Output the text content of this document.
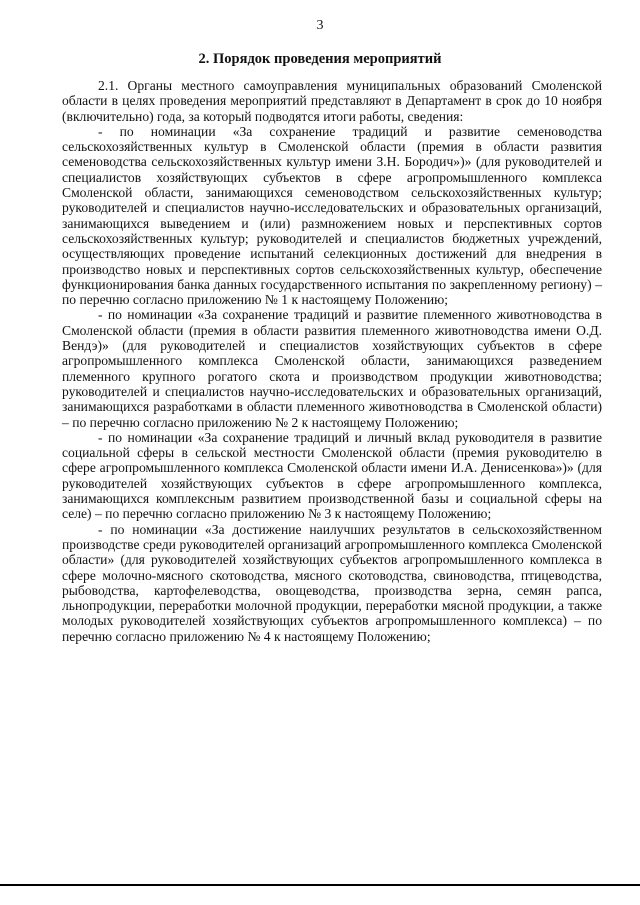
3
2. Порядок проведения мероприятий

2.1. Органы местного самоуправления муниципальных образований Смоленской области в целях проведения мероприятий представляют в Департамент в срок до 10 ноября (включительно) года, за который подводятся итоги работы, сведения:

- по номинации «За сохранение традиций и развитие семеноводства сельскохозяйственных культур в Смоленской области (премия в области развития семеноводства сельскохозяйственных культур имени З.Н. Бородич»)» (для руководителей и специалистов хозяйствующих субъектов в сфере агропромышленного комплекса Смоленской области, занимающихся семеноводством сельскохозяйственных культур; руководителей и специалистов научно-исследовательских и образовательных организаций, занимающихся выведением и (или) размножением новых и перспективных сортов сельскохозяйственных культур; руководителей и специалистов бюджетных учреждений, осуществляющих проведение испытаний селекционных достижений для внедрения в производство новых и перспективных сортов сельскохозяйственных культур, обеспечение функционирования банка данных государственного испытания по закрепленному региону) – по перечню согласно приложению № 1 к настоящему Положению;

- по номинации «За сохранение традиций и развитие племенного животноводства в Смоленской области (премия в области развития племенного животноводства имени О.Д. Вендэ)» (для руководителей и специалистов хозяйствующих субъектов в сфере агропромышленного комплекса Смоленской области, занимающихся разведением племенного крупного рогатого скота и производством продукции животноводства; руководителей и специалистов научно-исследовательских и образовательных организаций, занимающихся разработками в области племенного животноводства в Смоленской области) – по перечню согласно приложению № 2 к настоящему Положению;

- по номинации «За сохранение традиций и личный вклад руководителя в развитие социальной сферы в сельской местности Смоленской области (премия руководителю в сфере агропромышленного комплекса Смоленской области имени И.А. Денисенкова»)» (для руководителей хозяйствующих субъектов в сфере агропромышленного комплекса, занимающихся комплексным развитием производственной базы и социальной сферы на селе) – по перечню согласно приложению № 3 к настоящему Положению;

- по номинации «За достижение наилучших результатов в сельскохозяйственном производстве среди руководителей организаций агропромышленного комплекса Смоленской области» (для руководителей хозяйствующих субъектов агропромышленного комплекса в сфере молочно-мясного скотоводства, мясного скотоводства, свиноводства, птицеводства, рыбоводства, картофелеводства, овощеводства, производства зерна, семян рапса, льнопродукции, переработки молочной продукции, переработки мясной продукции, а также молодых руководителей хозяйствующих субъектов агропромышленного комплекса) – по перечню согласно приложению № 4 к настоящему Положению;
